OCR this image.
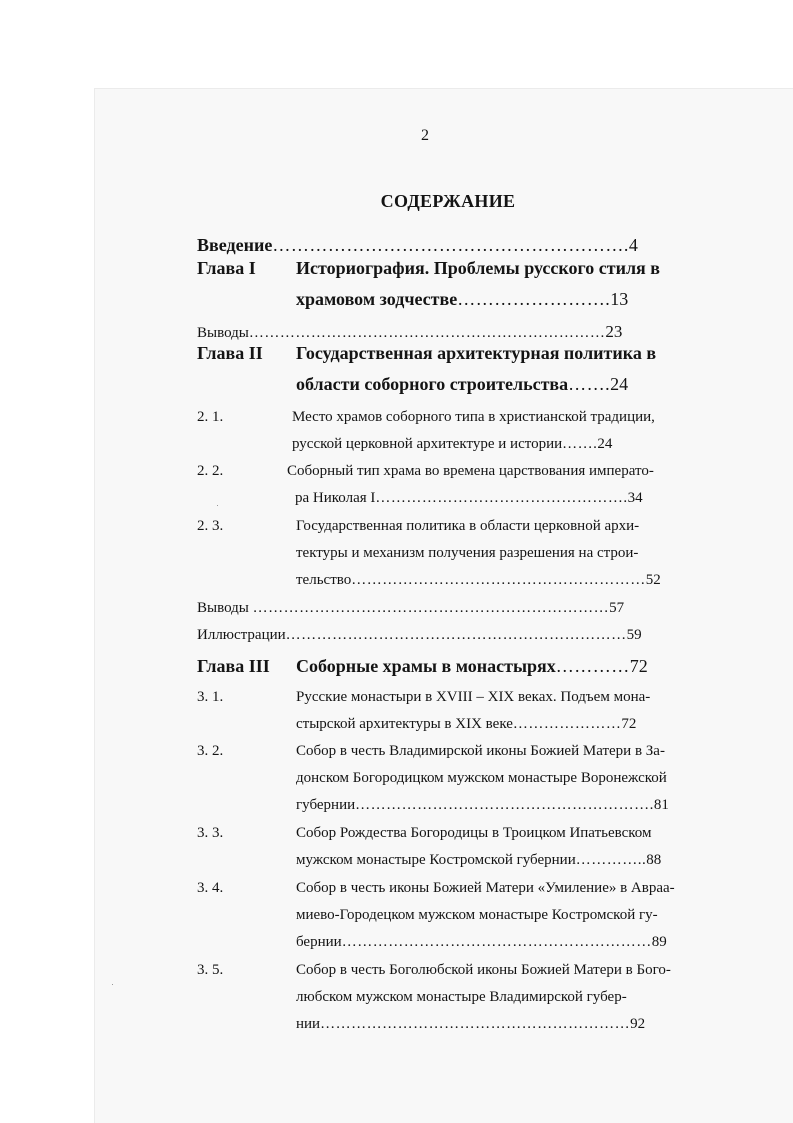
2
СОДЕРЖАНИЕ
Введение………………………………………………….4
Глава I Историография. Проблемы русского стиля в
храмовом зодчестве…………………….13
Выводы……………………………………………………………23
Глава II Государственная архитектурная политика в
области соборного строительства…….24
2. 1.	Место храмов соборного типа в христианской традиции,
русской церковной архитектуре и истории…….24
2. 2.	Соборный тип храма во времена царствования императо-
ра Николая I………………………………………….34
2. 3.	Государственная политика в области церковной архи-
тектуры и механизм получения разрешения на строи-
тельство…………………………………………………52
Выводы ……………………………………………………………57
Иллюстрации…………………………………………………………59
Глава III Соборные храмы в монастырях…………72
3. 1.	Русские монастыри в XVIII – XIX веках. Подъем мона-
стырской архитектуры в XIX веке…………………72
3. 2.	Собор в честь Владимирской иконы Божией Матери в За-
донском Богородицком мужском монастыре Воронежской
губернии………………………………………………….81
3. 3.	Собор Рождества Богородицы в Троицком Ипатьевском
мужском монастыре Костромской губернии…………..88
3. 4.	Собор в честь иконы Божией Матери «Умиление» в Авраа-
миево-Городецком мужском монастыре Костромской гу-
бернии……………………………………………………89
3. 5.	Собор в честь Боголюбской иконы Божией Матери в Бого-
любском мужском монастыре Владимирской губер-
нии……………………………………………………92
